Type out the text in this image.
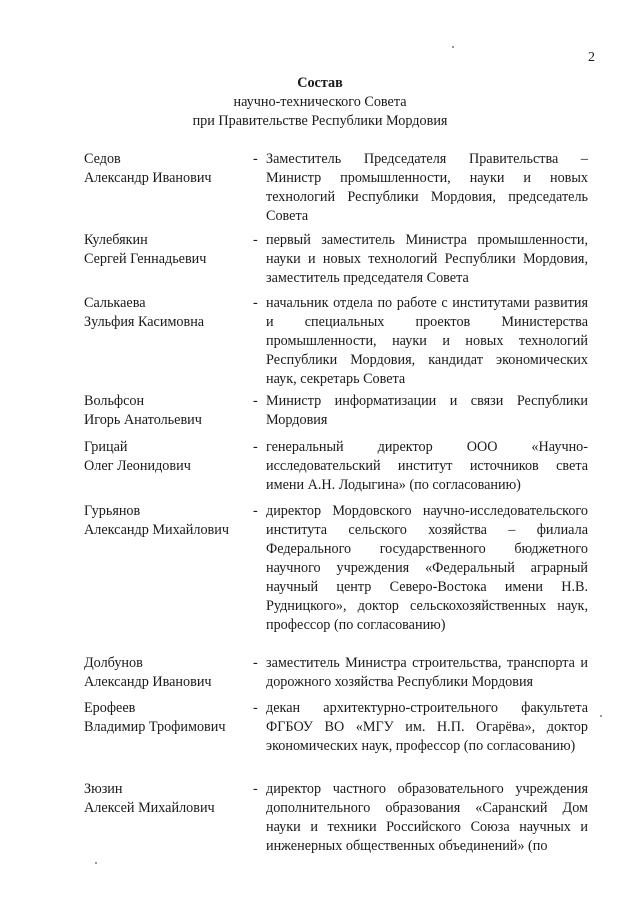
2
Состав
научно-технического Совета
при Правительстве Республики Мордовия
Седов
Александр Иванович
- Заместитель Председателя Правительства – Министр промышленности, науки и новых технологий Республики Мордовия, председатель Совета
Кулебякин
Сергей Геннадьевич
- первый заместитель Министра промышленности, науки и новых технологий Республики Мордовия, заместитель председателя Совета
Салькаева
Зульфия Касимовна
- начальник отдела по работе с институтами развития и специальных проектов Министерства промышленности, науки и новых технологий Республики Мордовия, кандидат экономических наук, секретарь Совета
Вольфсон
Игорь Анатольевич
- Министр информатизации и связи Республики Мордовия
Грицай
Олег Леонидович
- генеральный директор ООО «Научно-исследовательский институт источников света имени А.Н. Лодыгина» (по согласованию)
Гурьянов
Александр Михайлович
- директор Мордовского научно-исследовательского института сельского хозяйства – филиала Федерального государственного бюджетного научного учреждения «Федеральный аграрный научный центр Северо-Востока имени Н.В. Рудницкого», доктор сельскохозяйственных наук, профессор (по согласованию)
Долбунов
Александр Иванович
- заместитель Министра строительства, транспорта и дорожного хозяйства Республики Мордовия
Ерофеев
Владимир Трофимович
- декан архитектурно-строительного факультета ФГБОУ ВО «МГУ им. Н.П. Огарёва», доктор экономических наук, профессор (по согласованию)
Зюзин
Алексей Михайлович
- директор частного образовательного учреждения дополнительного образования «Саранский Дом науки и техники Российского Союза научных и инженерных общественных объединений» (по
